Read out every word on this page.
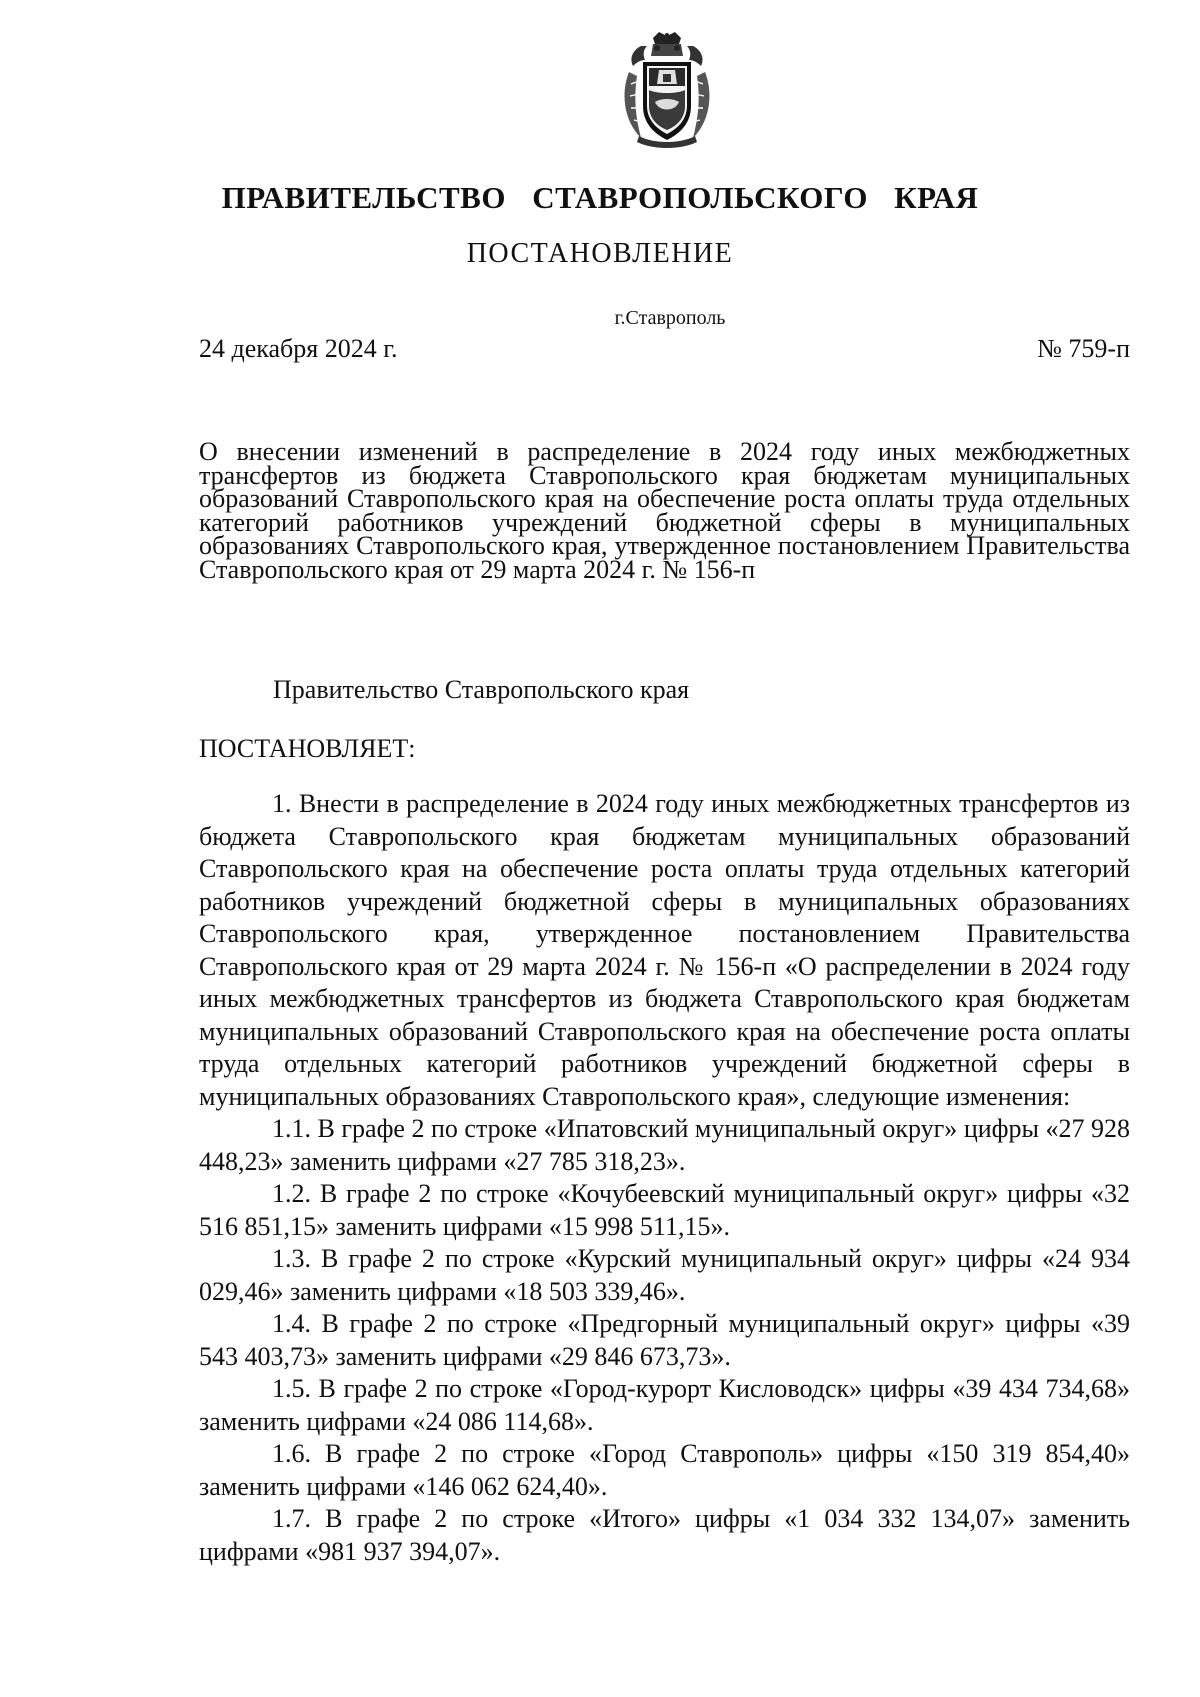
ПРАВИТЕЛЬСТВО СТАВРОПОЛЬСКОГО КРАЯ
ПОСТАНОВЛЕНИЕ
г.Ставрополь
24 декабря 2024 г.	№ 759-п
О внесении изменений в распределение в 2024 году иных межбюджетных трансфертов из бюджета Ставропольского края бюджетам муниципальных образований Ставропольского края на обеспечение роста оплаты труда отдельных категорий работников учреждений бюджетной сферы в муниципальных образованиях Ставропольского края, утвержденное постановлением Правительства Ставропольского края от 29 марта 2024 г. № 156-п
Правительство Ставропольского края
ПОСТАНОВЛЯЕТ:

1. Внести в распределение в 2024 году иных межбюджетных трансфертов из бюджета Ставропольского края бюджетам муниципальных образований Ставропольского края на обеспечение роста оплаты труда отдельных категорий работников учреждений бюджетной сферы в муниципальных образованиях Ставропольского края, утвержденное постановлением Правительства Ставропольского края от 29 марта 2024 г. № 156-п «О распределении в 2024 году иных межбюджетных трансфертов из бюджета Ставропольского края бюджетам муниципальных образований Ставропольского края на обеспечение роста оплаты труда отдельных категорий работников учреждений бюджетной сферы в муниципальных образованиях Ставропольского края», следующие изменения:

1.1. В графе 2 по строке «Ипатовский муниципальный округ» цифры «27 928 448,23» заменить цифрами «27 785 318,23».

1.2. В графе 2 по строке «Кочубеевский муниципальный округ» цифры «32 516 851,15» заменить цифрами «15 998 511,15».

1.3. В графе 2 по строке «Курский муниципальный округ» цифры «24 934 029,46» заменить цифрами «18 503 339,46».

1.4. В графе 2 по строке «Предгорный муниципальный округ» цифры «39 543 403,73» заменить цифрами «29 846 673,73».

1.5. В графе 2 по строке «Город-курорт Кисловодск» цифры «39 434 734,68» заменить цифрами «24 086 114,68».

1.6. В графе 2 по строке «Город Ставрополь» цифры «150 319 854,40» заменить цифрами «146 062 624,40».

1.7. В графе 2 по строке «Итого» цифры «1 034 332 134,07» заменить цифрами «981 937 394,07».
